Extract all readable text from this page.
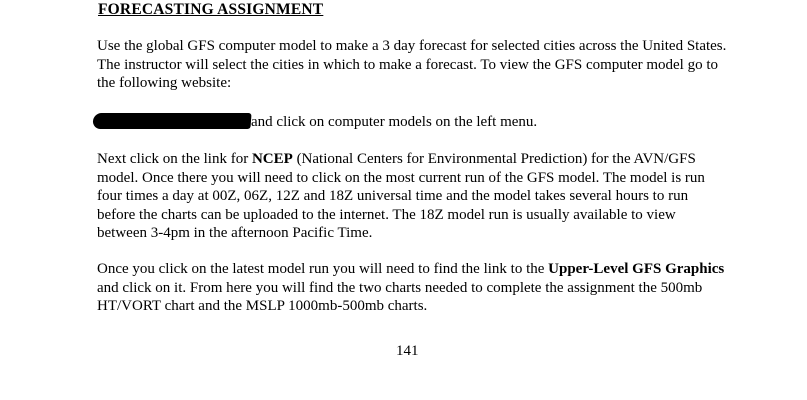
FORECASTING ASSIGNMENT

Use the global GFS computer model to make a 3 day forecast for selected cities across the United States.
The instructor will select the cities in which to make a forecast. To view the GFS computer model go to
the following website:

and click on computer models on the left menu.

Next click on the link for NCEP (National Centers for Environmental Prediction) for the AVN/GFS
model. Once there you will need to click on the most current run of the GFS model. The model is run
four times a day at 00Z, 06Z, 12Z and 18Z universal time and the model takes several hours to run
before the charts can be uploaded to the internet. The 18Z model run is usually available to view
between 3-4pm in the afternoon Pacific Time.

Once you click on the latest model run you will need to find the link to the Upper-Level GFS Graphics
and click on it. From here you will find the two charts needed to complete the assignment the 500mb
HT/VORT chart and the MSLP 1000mb-500mb charts.

141
